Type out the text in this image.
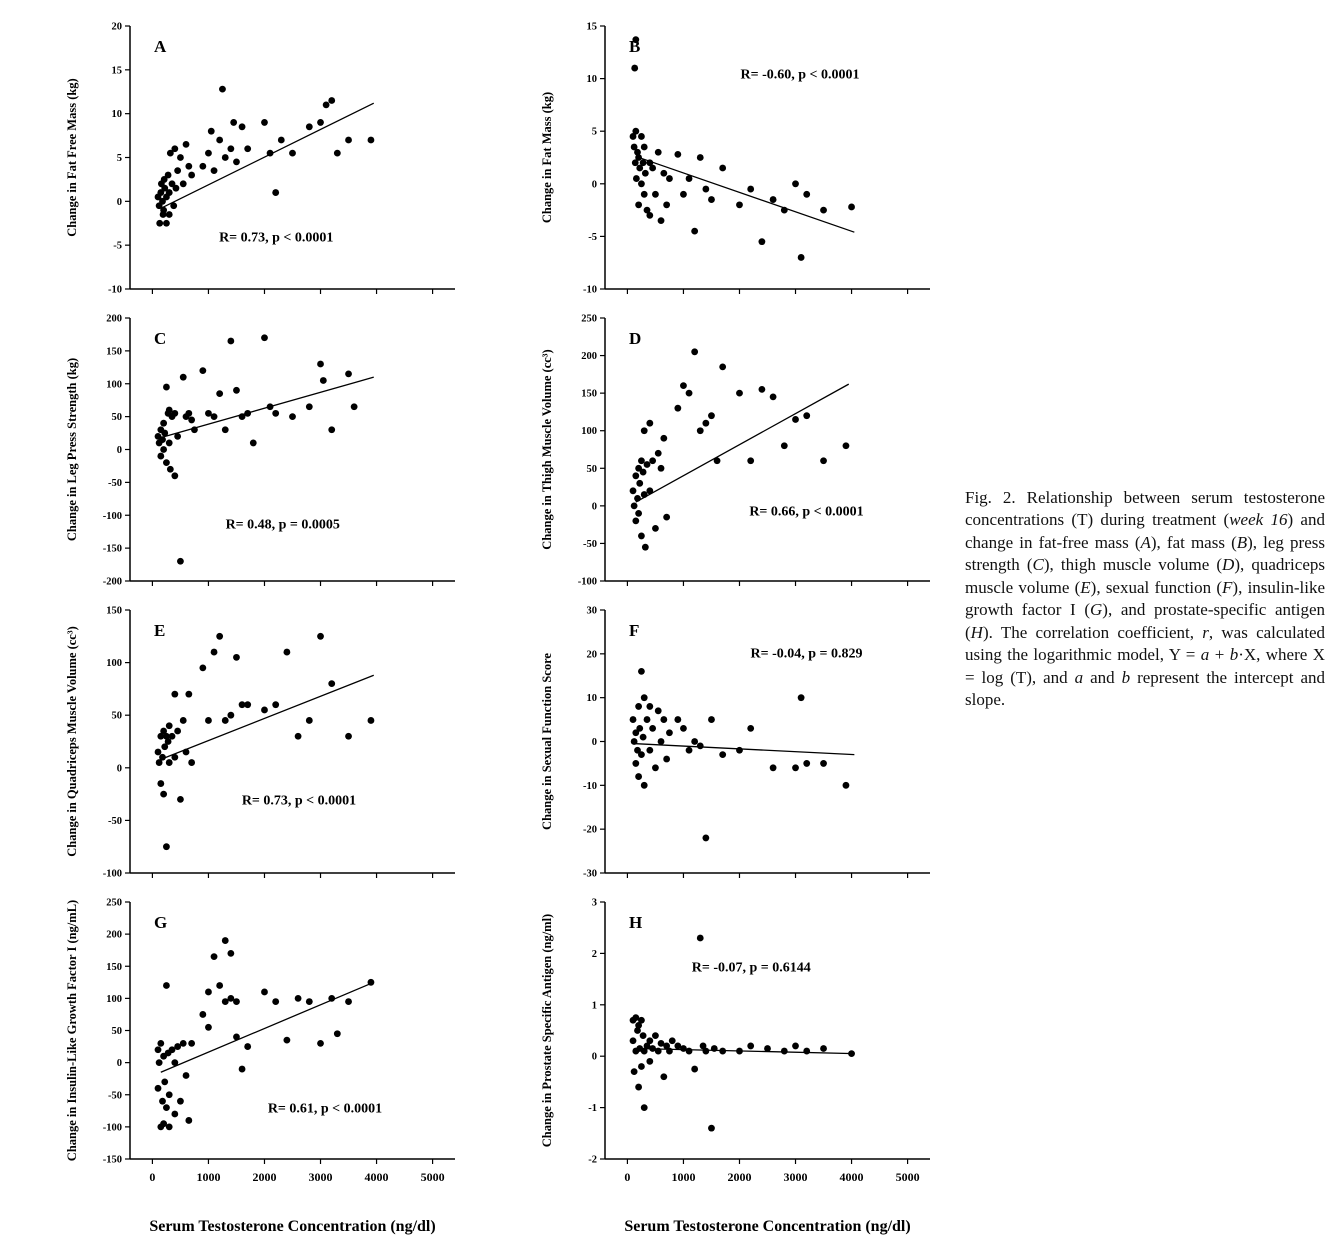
-10
-5
0
5
10
15
20
A
R= 0.73, p < 0.0001
Change in Fat Free Mass (kg)
-10
-5
0
5
10
15
B
R= -0.60, p < 0.0001
Change in Fat Mass (kg)
-200
-150
-100
-50
0
50
100
150
200
C
R= 0.48, p = 0.0005
Change in Leg Press Strength (kg)
-100
-50
0
50
100
150
200
250
D
R= 0.66, p < 0.0001
Change in Thigh Muscle Volume (cc³)
-100
-50
0
50
100
150
E
R= 0.73, p < 0.0001
Change in Quadriceps Muscle Volume (cc³)
-30
-20
-10
0
10
20
30
F
R= -0.04, p = 0.829
Change in Sexual Function Score
-150
-100
-50
0
50
100
150
200
250
0	1000	2000	3000	4000	5000
G
R= 0.61, p < 0.0001
Change in Insulin-Like Growth Factor I (ng/mL)	-2
-1
0
1
2
3
0	1000	2000	3000	4000	5000
H
R= -0.07, p = 0.6144
Change in Prostate Specific Antigen (ng/ml)
Serum Testosterone Concentration (ng/dl)	Serum Testosterone Concentration (ng/dl)
Fig. 2. Relationship between serum testosterone concentrations (T) during treatment (week 16) and change in fat-free mass (A), fat mass (B), leg press strength (C), thigh muscle volume (D), quadriceps muscle volume (E), sexual function (F), insulin-like growth factor I (G), and prostate-specific antigen (H). The correlation coefficient, r, was calculated using the logarithmic model, Y = a + b·X, where X = log (T), and a and b represent the intercept and slope.
